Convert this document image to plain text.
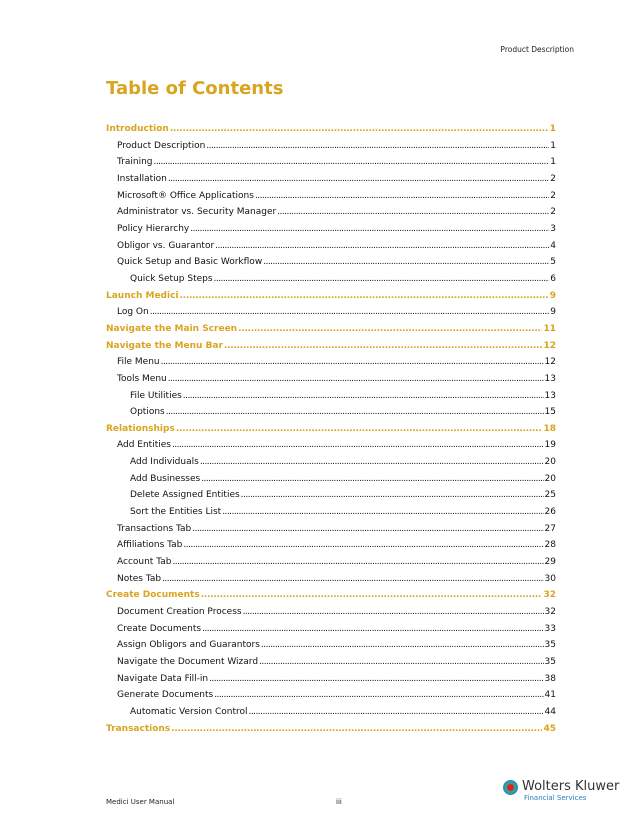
Product Description
Table of Contents
Introduction . . .	1
Product Description . . .	1
Training . . .	1
Installation . . .	2
Microsoft® Office Applications . . .	2
Administrator vs. Security Manager . . .	2
Policy Hierarchy . . .	3
Obligor vs. Guarantor . . .	4
Quick Setup and Basic Workflow . . .	5
Quick Setup Steps . . .	6
Launch Medici . . .	9
Log On . . .	9
Navigate the Main Screen . . .	11
Navigate the Menu Bar . . .	12
File Menu . . .	12
Tools Menu . . .	13
File Utilities . . .	13
Options . . .	15
Relationships . . .	18
Add Entities . . .	19
Add Individuals . . .	20
Add Businesses . . .	20
Delete Assigned Entities . . .	25
Sort the Entities List . . .	26
Transactions Tab . . .	27
Affiliations Tab . . .	28
Account Tab . . .	29
Notes Tab . . .	30
Create Documents . . .	32
Document Creation Process . . .	32
Create Documents . . .	33
Assign Obligors and Guarantors . . .	35
Navigate the Document Wizard . . .	35
Navigate Data Fill-in . . .	38
Generate Documents . . .	41
Automatic Version Control . . .	44
Transactions . . .	45
Medici User Manual	iii
Wolters Kluwer
Financial Services
